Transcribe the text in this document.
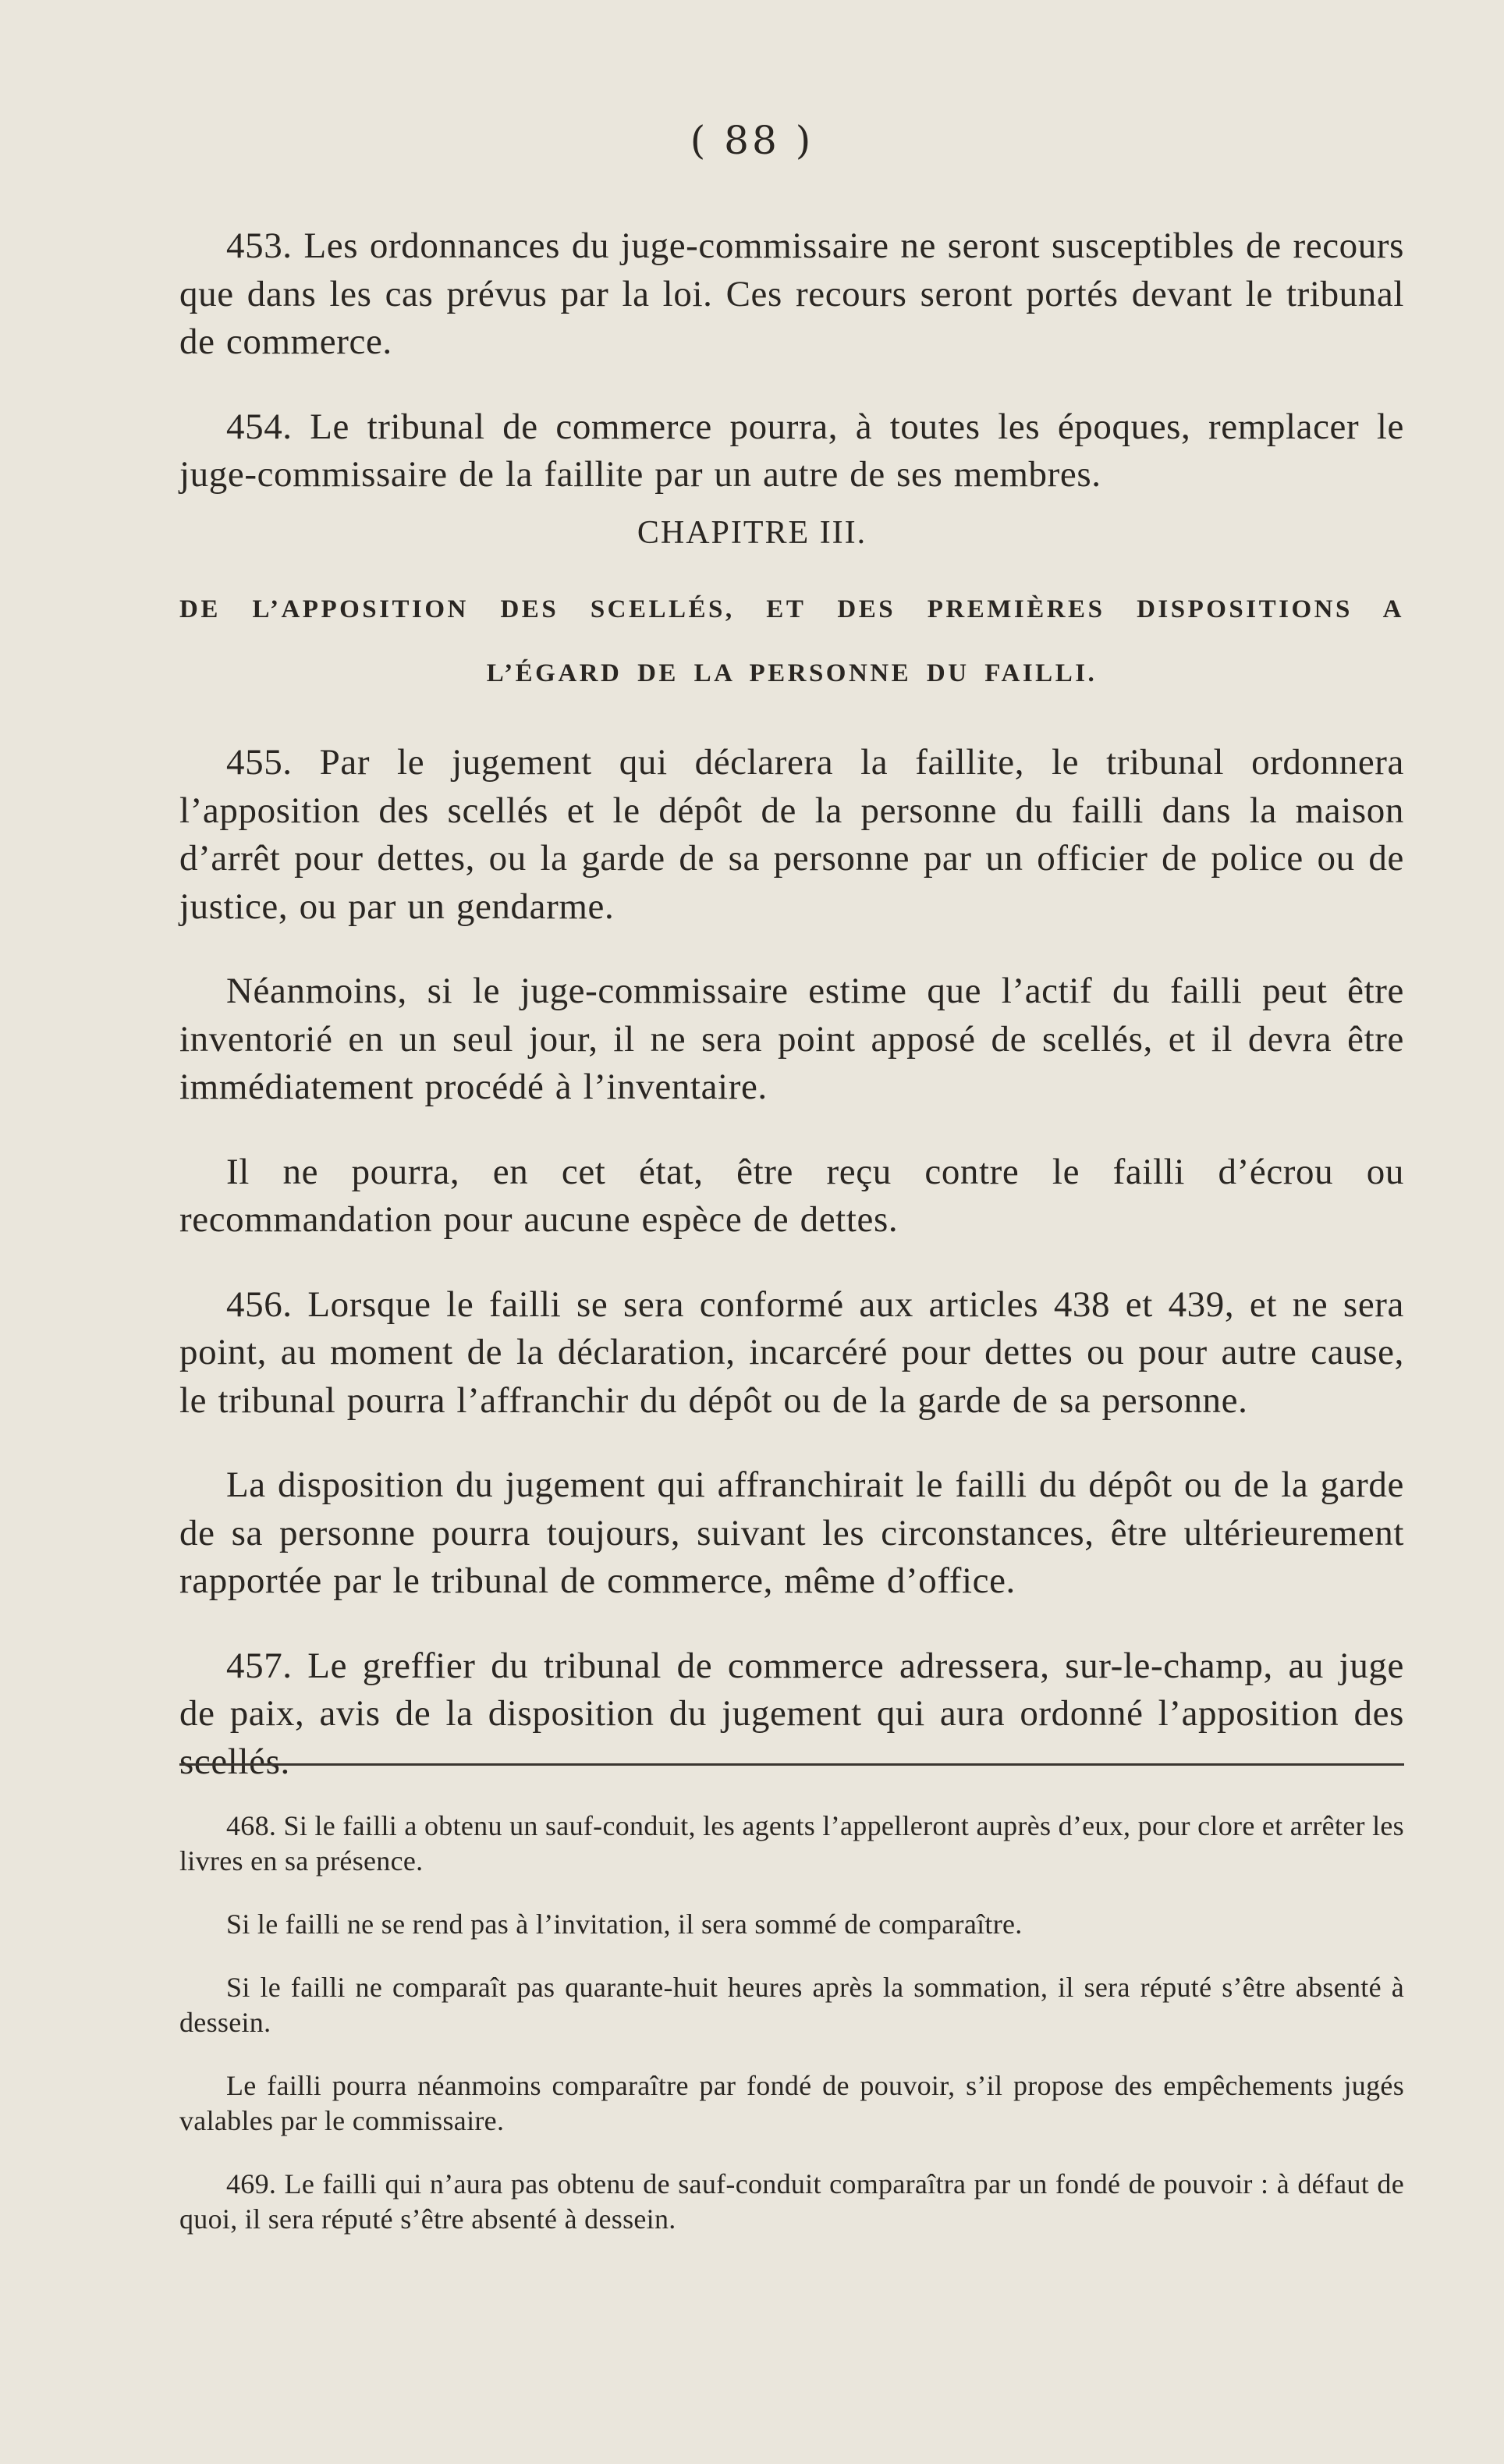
( 88 )

453. Les ordonnances du juge-commissaire ne seront susceptibles de recours que dans les cas prévus par la loi. Ces recours seront portés devant le tribunal de commerce.

454. Le tribunal de commerce pourra, à toutes les époques, remplacer le juge-commissaire de la faillite par un autre de ses membres.

CHAPITRE III.
DE L’APPOSITION DES SCELLÉS, ET DES PREMIÈRES DISPOSITIONS A L’ÉGARD DE LA PERSONNE DU FAILLI.

455. Par le jugement qui déclarera la faillite, le tribunal ordonnera l’apposition des scellés et le dépôt de la personne du failli dans la maison d’arrêt pour dettes, ou la garde de sa personne par un officier de police ou de justice, ou par un gendarme.

Néanmoins, si le juge-commissaire estime que l’actif du failli peut être inventorié en un seul jour, il ne sera point apposé de scellés, et il devra être immédiatement procédé à l’inventaire.

Il ne pourra, en cet état, être reçu contre le failli d’écrou ou recommandation pour aucune espèce de dettes.

456. Lorsque le failli se sera conformé aux articles 438 et 439, et ne sera point, au moment de la déclaration, incarcéré pour dettes ou pour autre cause, le tribunal pourra l’affranchir du dépôt ou de la garde de sa personne.

La disposition du jugement qui affranchirait le failli du dépôt ou de la garde de sa personne pourra toujours, suivant les circonstances, être ultérieurement rapportée par le tribunal de commerce, même d’office.

457. Le greffier du tribunal de commerce adressera, sur-le-champ, au juge de paix, avis de la disposition du jugement qui aura ordonné l’apposition des scellés.

468. Si le failli a obtenu un sauf-conduit, les agents l’appelleront auprès d’eux, pour clore et arrêter les livres en sa présence.

Si le failli ne se rend pas à l’invitation, il sera sommé de comparaître.

Si le failli ne comparaît pas quarante-huit heures après la sommation, il sera réputé s’être absenté à dessein.

Le failli pourra néanmoins comparaître par fondé de pouvoir, s’il propose des empêchements jugés valables par le commissaire.

469. Le failli qui n’aura pas obtenu de sauf-conduit comparaîtra par un fondé de pouvoir : à défaut de quoi, il sera réputé s’être absenté à dessein.
